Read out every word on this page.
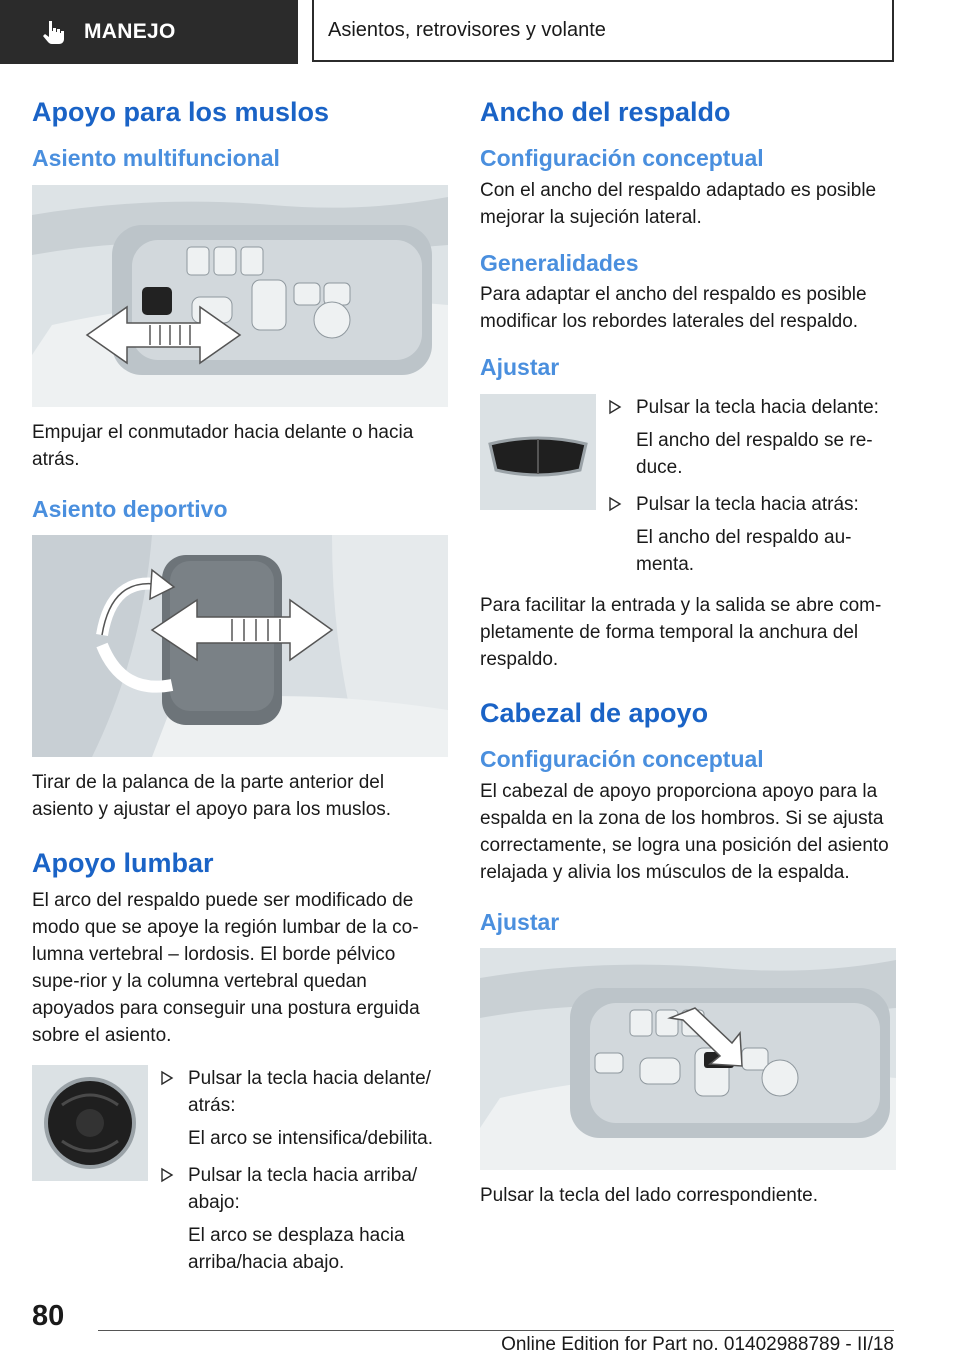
MANEJO	Asientos, retrovisores y volante
Apoyo para los muslos
Asiento multifuncional

Empujar el conmutador hacia delante o hacia atrás.

Asiento deportivo

Tirar de la palanca de la parte anterior del asiento y ajustar el apoyo para los muslos.

Apoyo lumbar

El arco del respaldo puede ser modificado de modo que se apoye la región lumbar de la co-lumna vertebral – lordosis. El borde pélvico supe-rior y la columna vertebral quedan apoyados para conseguir una postura erguida sobre el asiento.

Pulsar la tecla hacia delante/ atrás:
El arco se intensifica/debilita.
Pulsar la tecla hacia arriba/ abajo:
El arco se desplaza hacia arriba/hacia abajo.
Ancho del respaldo
Configuración conceptual

Con el ancho del respaldo adaptado es posible mejorar la sujeción lateral.

Generalidades

Para adaptar el ancho del respaldo es posible modificar los rebordes laterales del respaldo.

Ajustar
Pulsar la tecla hacia delante:
El ancho del respaldo se re-duce.
Pulsar la tecla hacia atrás:
El ancho del respaldo au-menta.

Para facilitar la entrada y la salida se abre com-pletamente de forma temporal la anchura del respaldo.

Cabezal de apoyo
Configuración conceptual

El cabezal de apoyo proporciona apoyo para la espalda en la zona de los hombros. Si se ajusta correctamente, se logra una posición del asiento relajada y alivia los músculos de la espalda.

Ajustar

Pulsar la tecla del lado correspondiente.

80
Online Edition for Part no. 01402988789 - II/18
